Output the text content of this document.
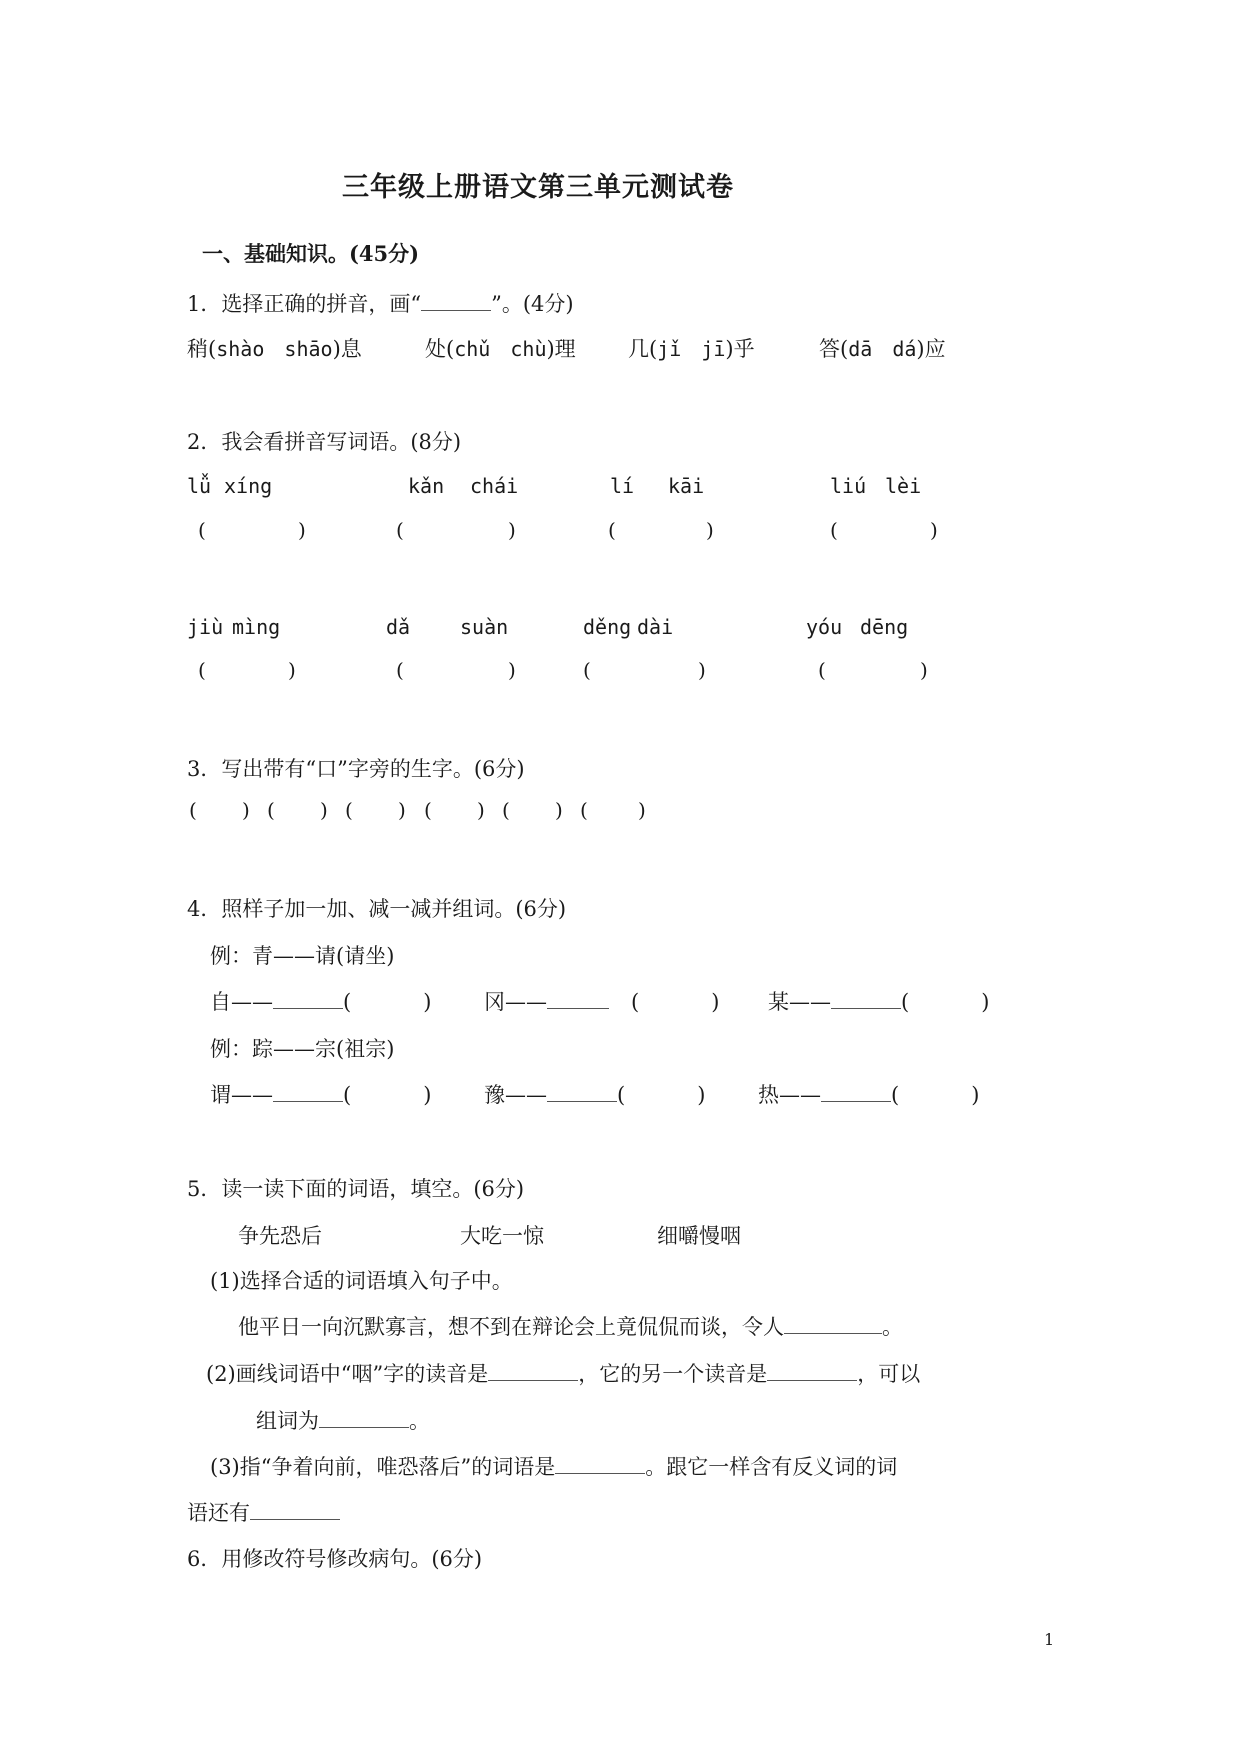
三年级上册语文第三单元测试卷
一、基础知识。(45分)
1．选择正确的拼音，画“	”。(4分)
稍(shào shāo)息	处(chǔ chù)理 几(jǐ jī)乎	答(dā dá)应
2．我会看拼音写词语。(8分)
lǚ xíng	kǎn chái	lí kāi	liú lèi
(	)	(	)	(	)	(	)
jiù mìng	dǎ suàn	děng dài	yóu dēng
(	)	(	)	(	)	(	)
3．写出带有“口”字旁的生字。(6分)
( ) ( ) ( ) ( ) ( ) (	)
4．照样子加一加、减一减并组词。(6分)
例：青——请(请坐)
自——	(	)	冈——	(	) 某——	(	)
例：踪——宗(祖宗)
谓——	(	)	豫——	(	)	热——	(	)
5．读一读下面的词语，填空。(6分)
争先恐后	大吃一惊	细嚼慢咽
(1)选择合适的词语填入句子中。
他平日一向沉默寡言，想不到在辩论会上竟侃侃而谈，令人	。
(2)画线词语中“咽”字的读音是	，它的另一个读音是	，可以
组词为	。
(3)指“争着向前，唯恐落后”的词语是	。跟它一样含有反义词的词
语还有
6．用修改符号修改病句。(6分)
1
